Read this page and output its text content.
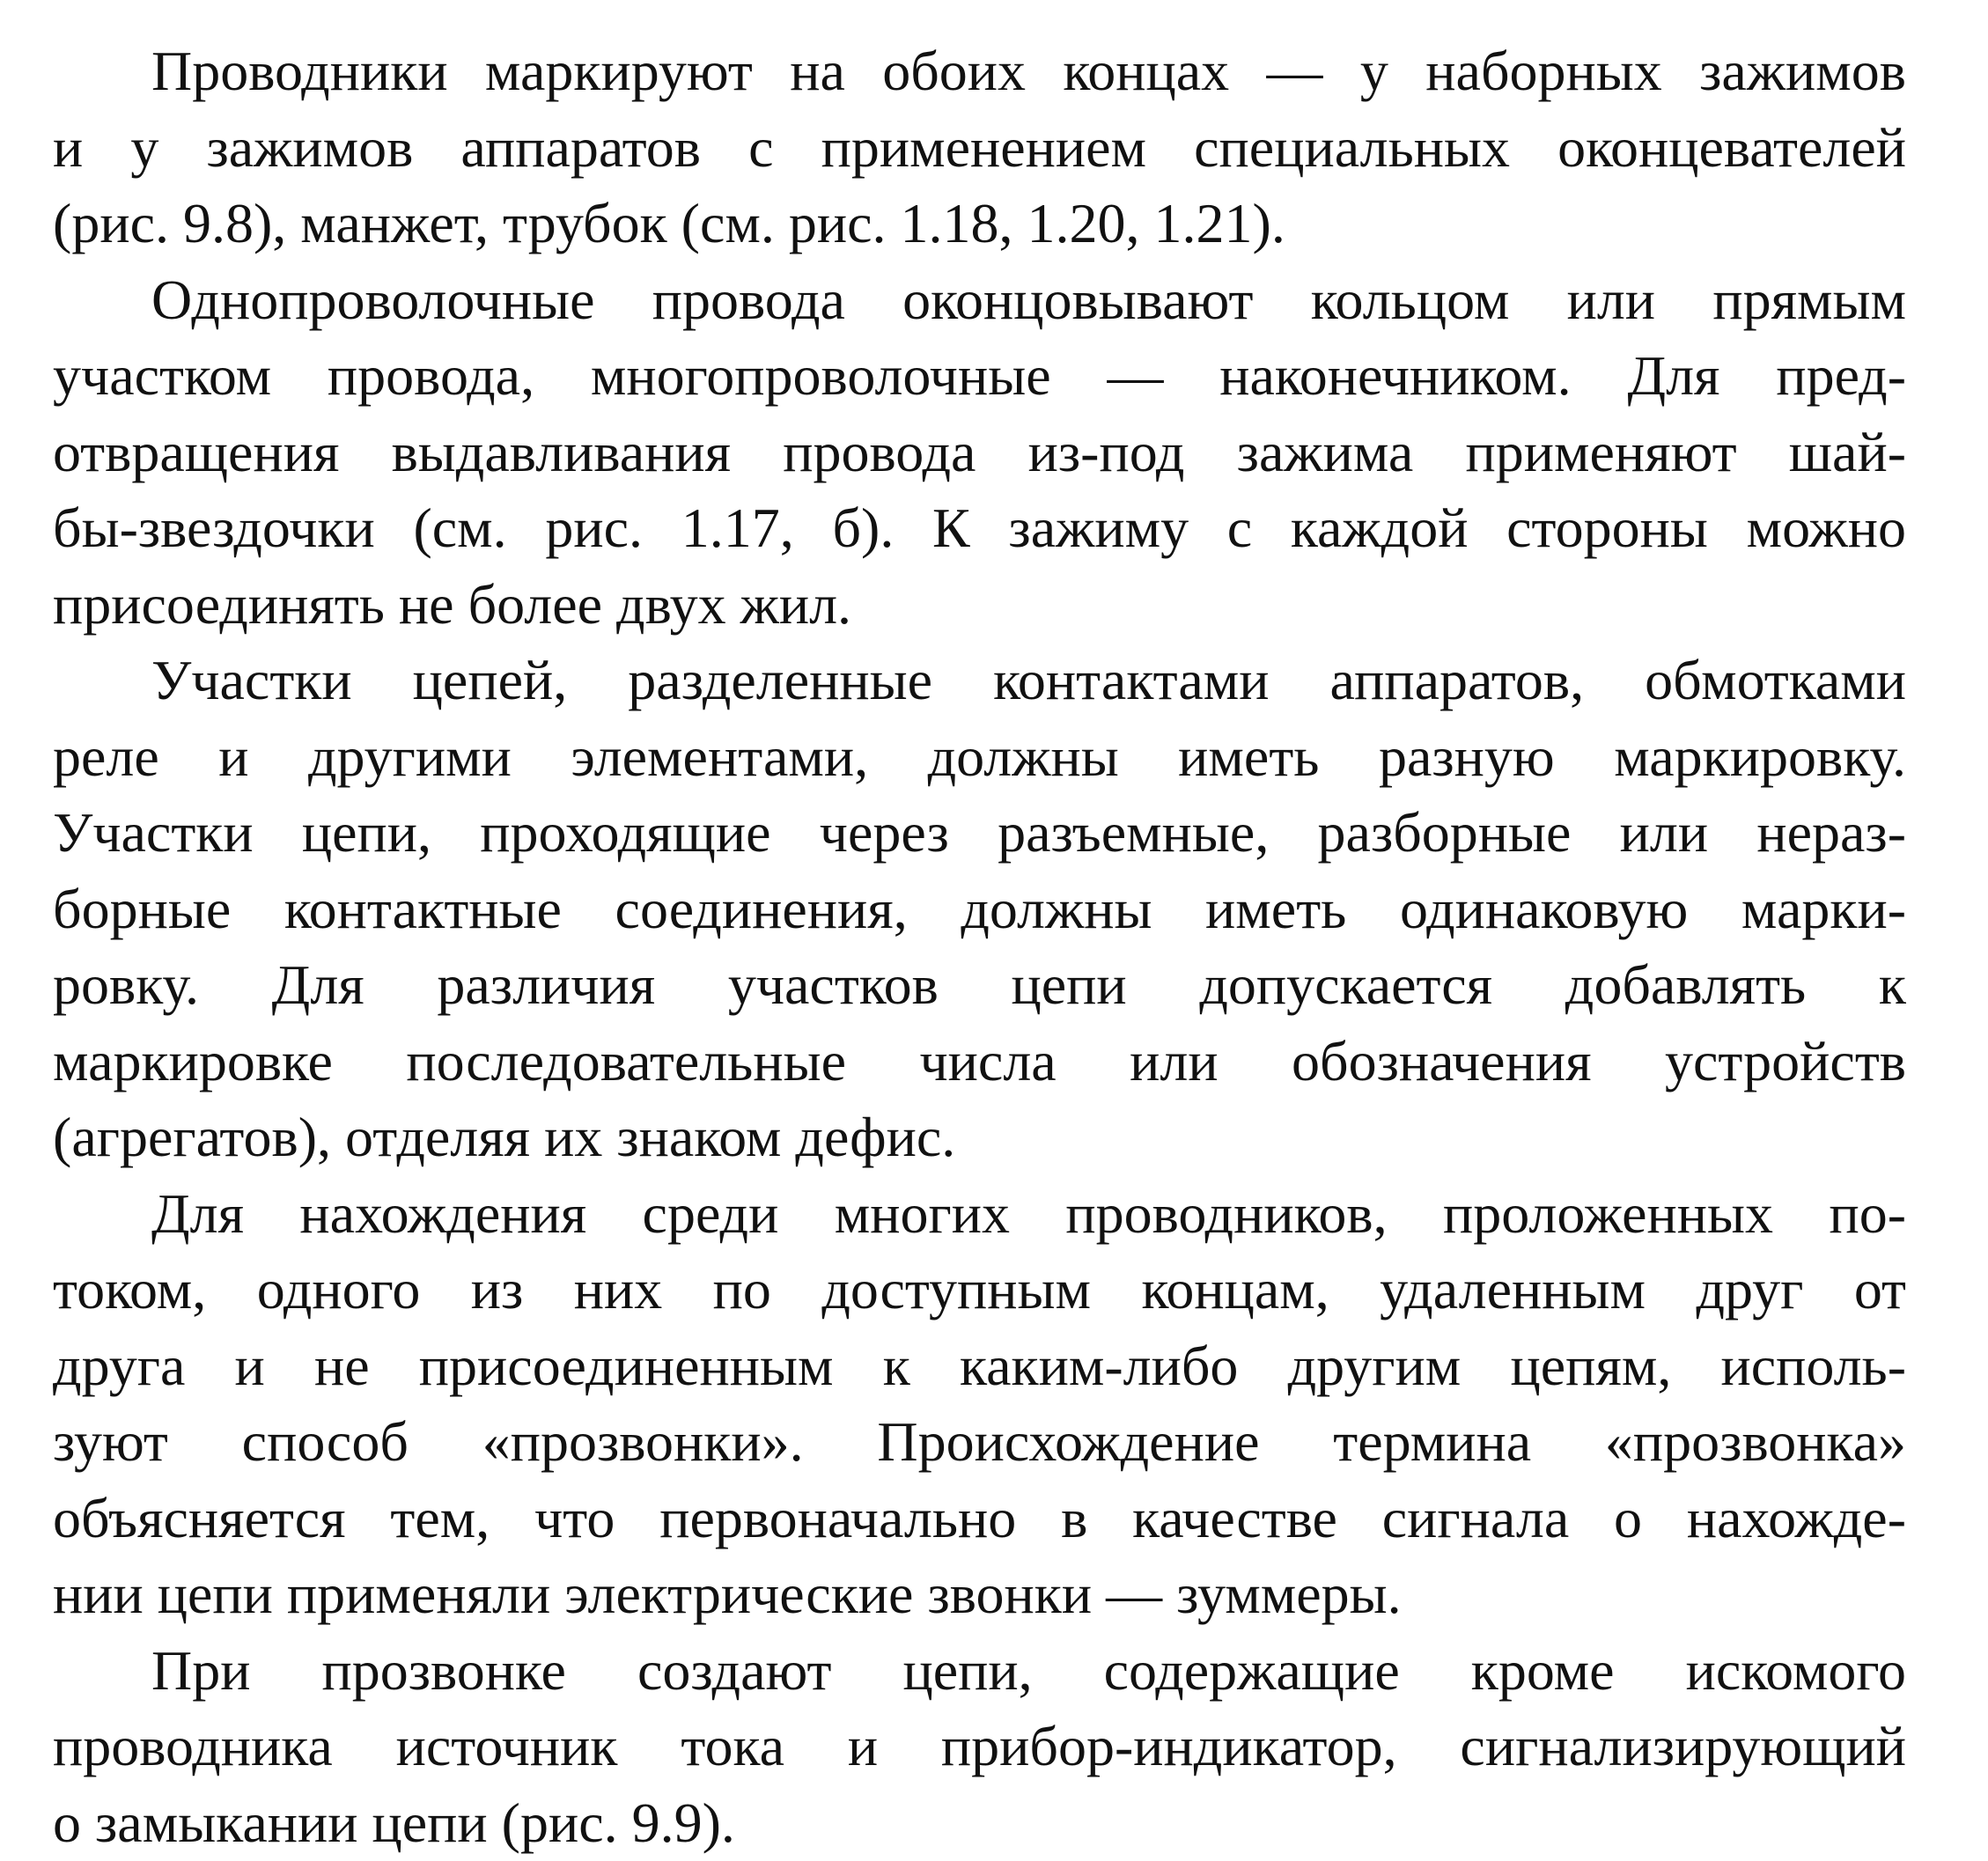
Проводники маркируют на обоих концах — у наборных зажимов
и у зажимов аппаратов с применением специальных оконцевателей
(рис. 9.8), манжет, трубок (см. рис. 1.18, 1.20, 1.21).
Однопроволочные провода оконцовывают кольцом или прямым
участком провода, многопроволочные — наконечником. Для пред-
отвращения выдавливания провода из-под зажима применяют шай-
бы-звездочки (см. рис. 1.17, б). К зажиму с каждой стороны можно
присоединять не более двух жил.
Участки цепей, разделенные контактами аппаратов, обмотками
реле и другими элементами, должны иметь разную маркировку.
Участки цепи, проходящие через разъемные, разборные или нераз-
борные контактные соединения, должны иметь одинаковую марки-
ровку. Для различия участков цепи допускается добавлять к
маркировке последовательные числа или обозначения устройств
(агрегатов), отделяя их знаком дефис.
Для нахождения среди многих проводников, проложенных по-
током, одного из них по доступным концам, удаленным друг от
друга и не присоединенным к каким-либо другим цепям, исполь-
зуют способ «прозвонки». Происхождение термина «прозвонка»
объясняется тем, что первоначально в качестве сигнала о нахожде-
нии цепи применяли электрические звонки — зуммеры.
При прозвонке создают цепи, содержащие кроме искомого
проводника источник тока и прибор-индикатор, сигнализирующий
о замыкании цепи (рис. 9.9).
